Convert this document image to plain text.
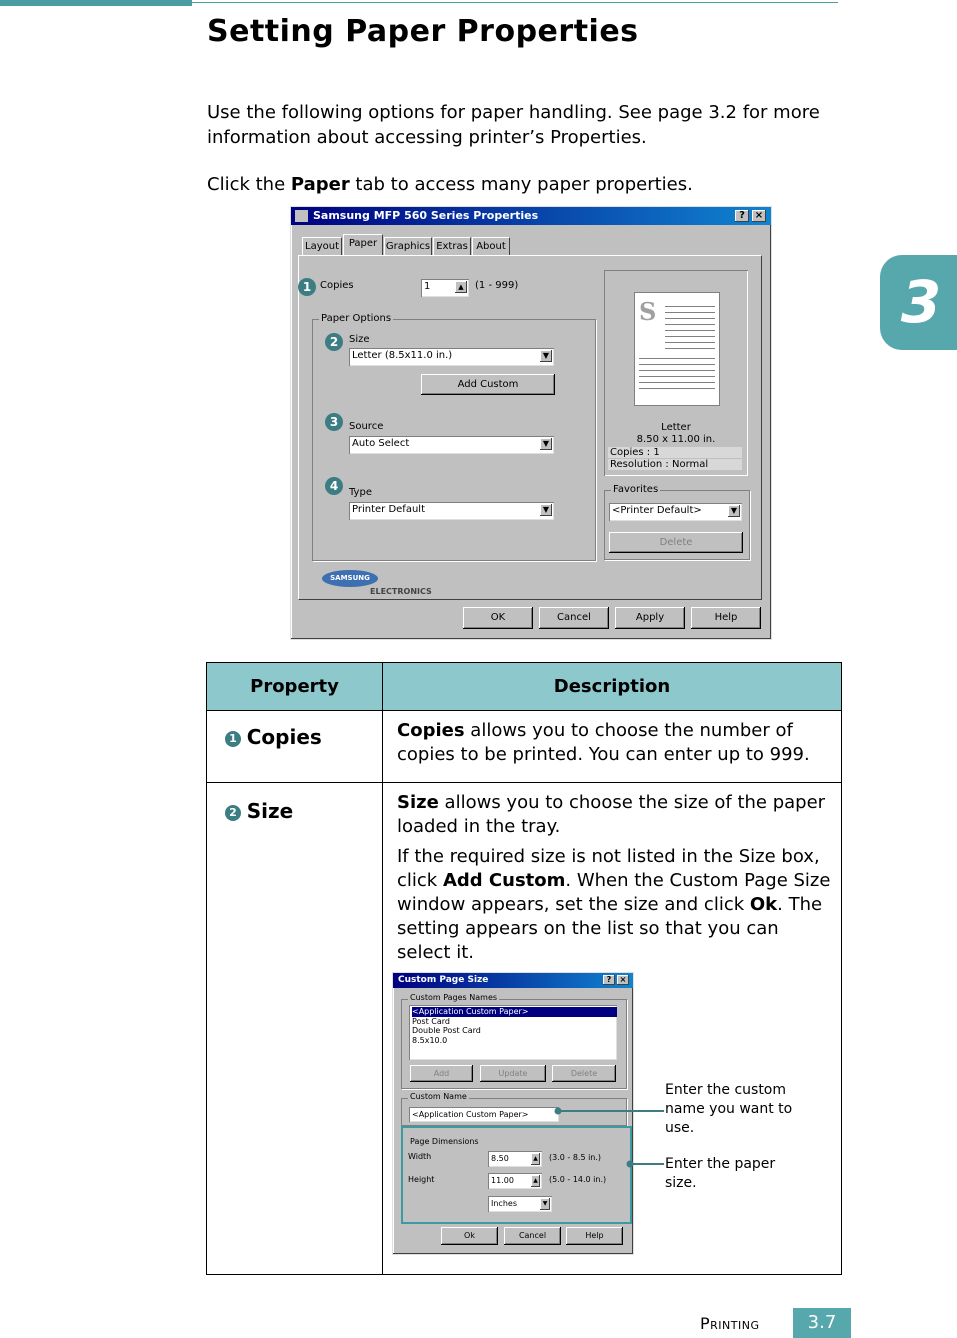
Setting Paper Properties

Use the following options for paper handling. See page 3.2 for more information about accessing printer’s Properties.

Click the Paper tab to access many paper properties.

3
Samsung MFP 560 Series Properties	? ×
Layout Paper Graphics Extras About
1 Copies	1	▲	(1 - 999)
Paper Options
2	Size
Letter (8.5x11.0 in.)	▼
Add Custom
3	Source
Auto Select	▼
4	Type
Printer Default	▼
S
Letter
8.50 x 11.00 in.
Copies : 1
Resolution : Normal
Favorites
<Printer Default>	▼
Delete
SAMSUNG
ELECTRONICS
OK	Cancel	Apply	Help
Property	Description
1 Copies	Copies allows you to choose the number of copies to be printed. You can enter up to 999.
2 Size	Size allows you to choose the size of the paper loaded in the tray.
If the required size is not listed in the Size box, click Add Custom. When the Custom Page Size window appears, set the size and click Ok. The setting appears on the list so that you can select it.
Custom Page Size	?	×
Custom Pages Names
<Application Custom Paper>
Post Card
Double Post Card
8.5x10.0
Add	Update	Delete
Custom Name
<Application Custom Paper>
Page Dimensions
Width	8.50	▲ (3.0 - 8.5 in.)
Height	11.00	▲ (5.0 - 14.0 in.)
Inches	▼
Ok	Cancel	Help
Enter the custom name you want to use.
Enter the paper size.
Printing	3.7
